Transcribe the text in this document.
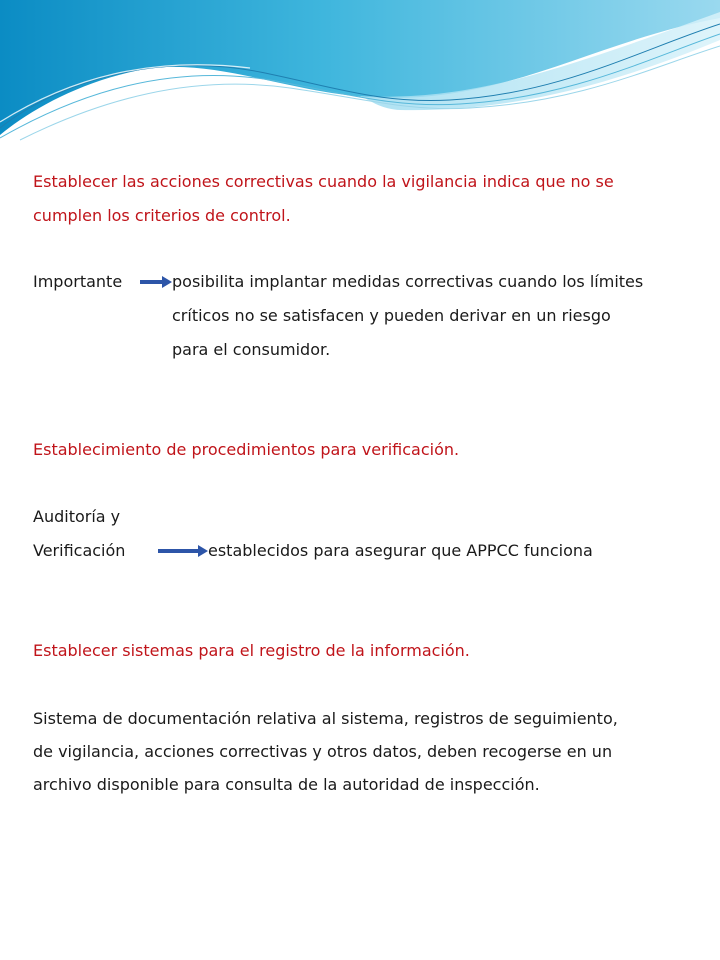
Establecer las acciones correctivas cuando la vigilancia indica que no se

cumplen los criterios de control.

Importante	posibilita implantar medidas correctivas cuando los límites

críticos no se satisfacen y pueden derivar en un riesgo

para el consumidor.

Establecimiento de procedimientos para verificación.

Auditoría y

Verificación	establecidos para asegurar que APPCC funciona

Establecer sistemas para el registro de la información.

Sistema de documentación relativa al sistema, registros de seguimiento,

de vigilancia, acciones correctivas y otros datos, deben recogerse en un

archivo disponible para consulta de la autoridad de inspección.
